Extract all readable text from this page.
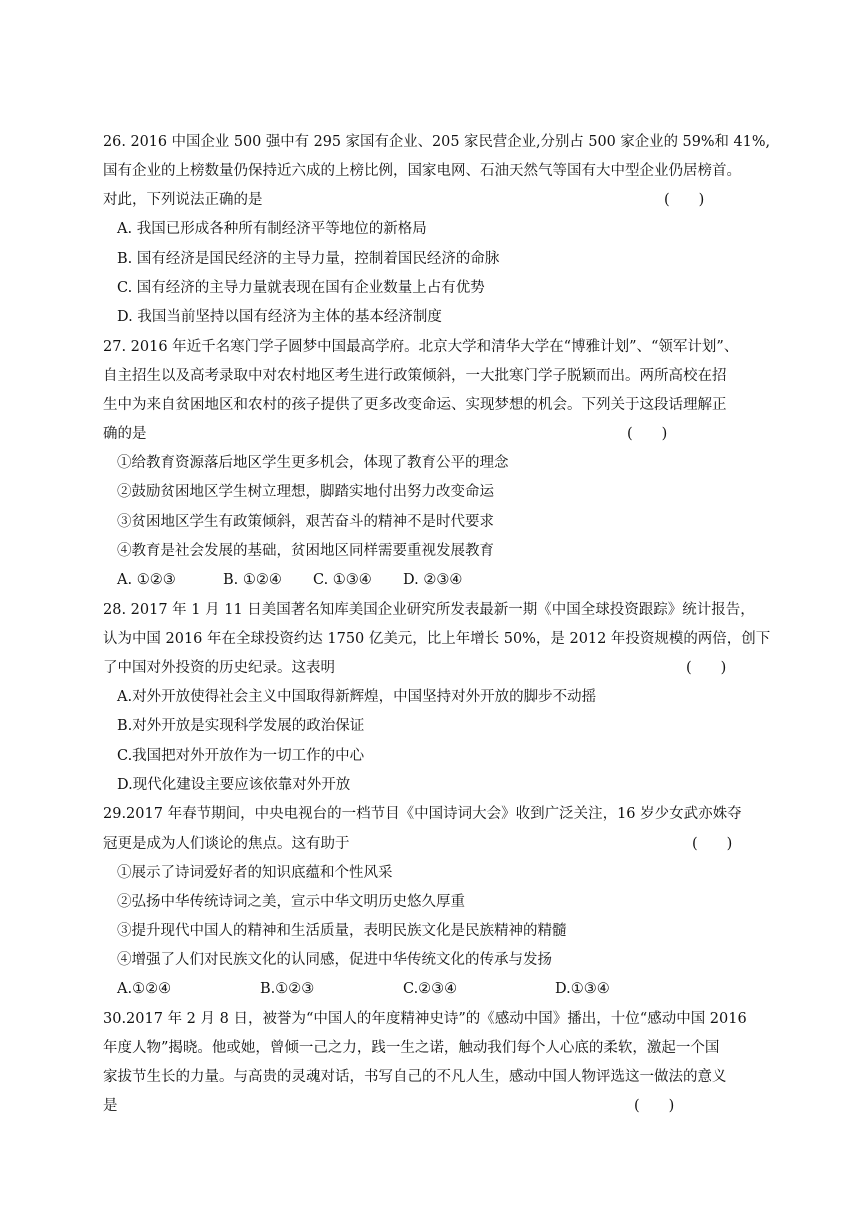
26. 2016 中国企业 500 强中有 295 家国有企业、205 家民营企业,分别占 500 家企业的 59%和 41%,
国有企业的上榜数量仍保持近六成的上榜比例，国家电网、石油天然气等国有大中型企业仍居榜首。
对此，下列说法正确的是	(　　)
A. 我国已形成各种所有制经济平等地位的新格局
B. 国有经济是国民经济的主导力量，控制着国民经济的命脉
C. 国有经济的主导力量就表现在国有企业数量上占有优势
D. 我国当前坚持以国有经济为主体的基本经济制度
27. 2016 年近千名寒门学子圆梦中国最高学府。北京大学和清华大学在“博雅计划”、“领军计划”、
自主招生以及高考录取中对农村地区考生进行政策倾斜，一大批寒门学子脱颖而出。两所高校在招
生中为来自贫困地区和农村的孩子提供了更多改变命运、实现梦想的机会。下列关于这段话理解正
确的是	(　　)
①给教育资源落后地区学生更多机会，体现了教育公平的理念
②鼓励贫困地区学生树立理想，脚踏实地付出努力改变命运
③贫困地区学生有政策倾斜，艰苦奋斗的精神不是时代要求
④教育是社会发展的基础，贫困地区同样需要重视发展教育
A. ①②③	B. ①②④ C. ①③④ D. ②③④
28. 2017 年 1 月 11 日美国著名知库美国企业研究所发表最新一期《中国全球投资跟踪》统计报告，
认为中国 2016 年在全球投资约达 1750 亿美元，比上年增长 50%，是 2012 年投资规模的两倍，创下
了中国对外投资的历史纪录。这表明	(　　)
A.对外开放使得社会主义中国取得新辉煌，中国坚持对外开放的脚步不动摇
B.对外开放是实现科学发展的政治保证
C.我国把对外开放作为一切工作的中心
D.现代化建设主要应该依靠对外开放
29.2017 年春节期间，中央电视台的一档节目《中国诗词大会》收到广泛关注，16 岁少女武亦姝夺
冠更是成为人们谈论的焦点。这有助于	(　　)
①展示了诗词爱好者的知识底蕴和个性风采
②弘扬中华传统诗词之美，宣示中华文明历史悠久厚重
③提升现代中国人的精神和生活质量，表明民族文化是民族精神的精髓
④增强了人们对民族文化的认同感，促进中华传统文化的传承与发扬
A.①②④	B.①②③	C.②③④	D.①③④
30.2017 年 2 月 8 日，被誉为“中国人的年度精神史诗”的《感动中国》播出，十位“感动中国 2016
年度人物”揭晓。他或她，曾倾一己之力，践一生之诺，触动我们每个人心底的柔软，激起一个国
家拔节生长的力量。与高贵的灵魂对话，书写自己的不凡人生，感动中国人物评选这一做法的意义
是	(　　)
